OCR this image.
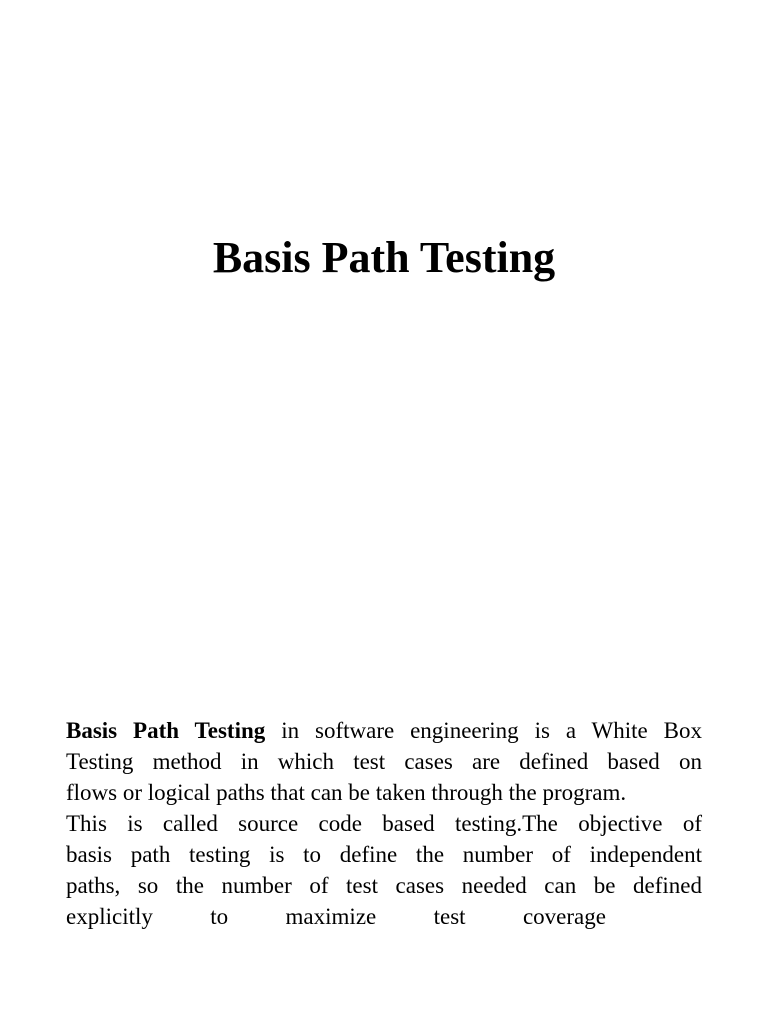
Basis Path Testing
Basis Path Testing in software engineering is a White Box
Testing method in which test cases are defined based on
flows or logical paths that can be taken through the program.
This is called source code based testing.The objective of
basis path testing is to define the number of independent
paths, so the number of test cases needed can be defined
explicitly to maximize test coverage
